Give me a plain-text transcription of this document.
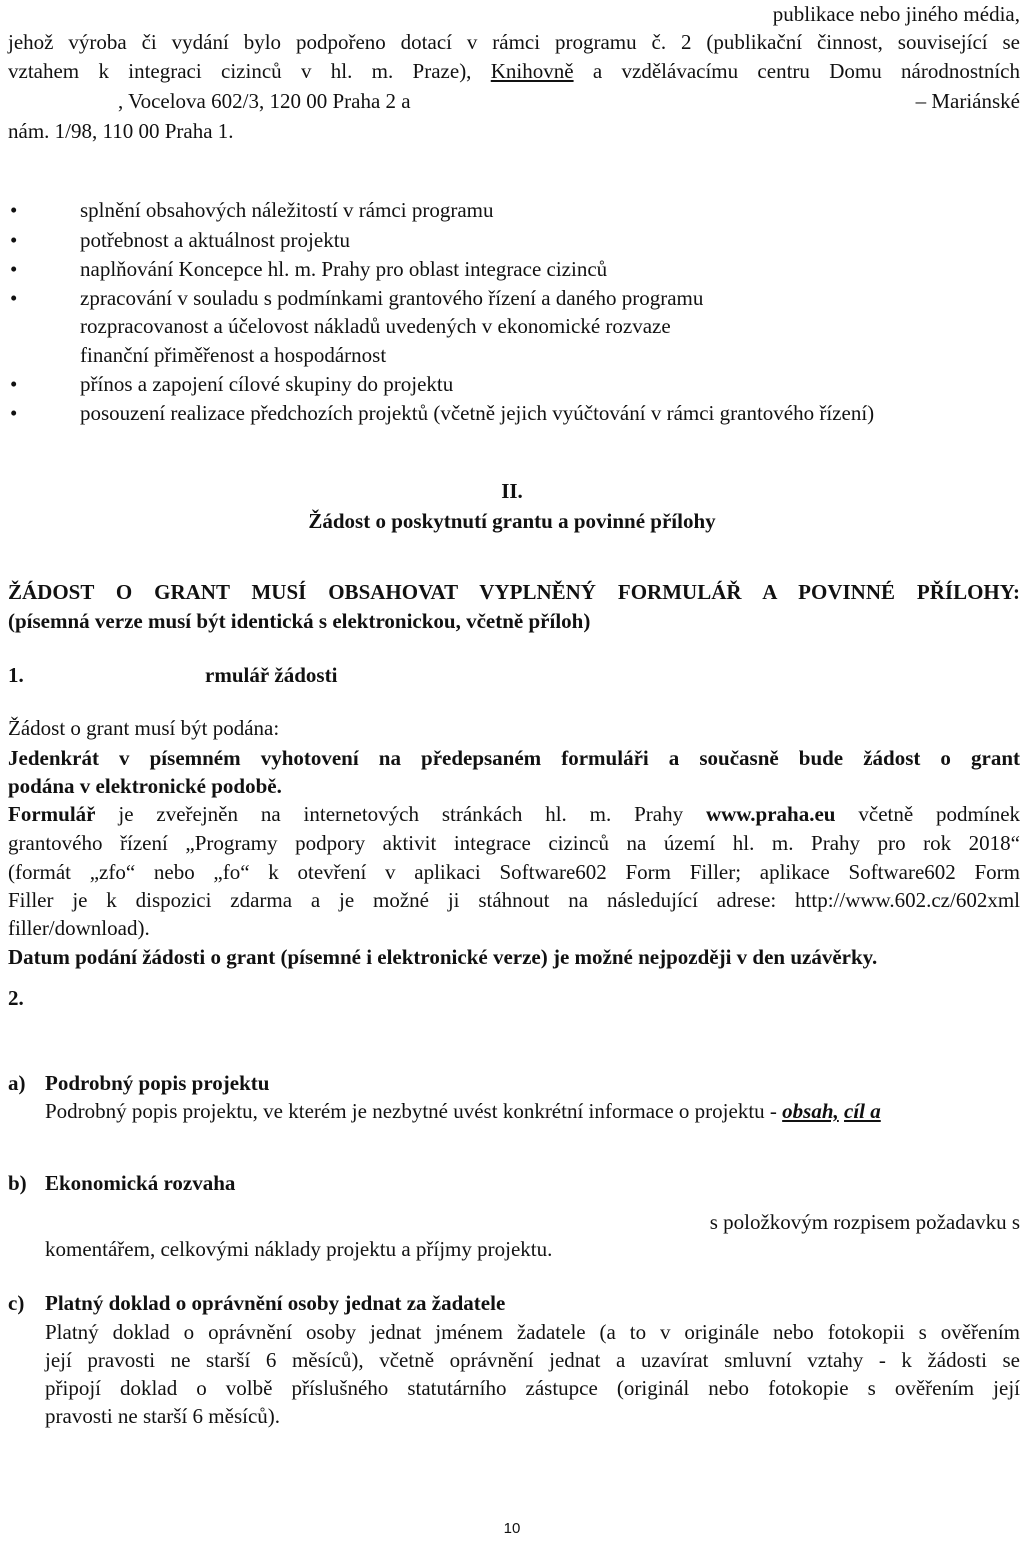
publikace nebo jiného média,
jehož výroba či vydání bylo podpořeno dotací v rámci programu č. 2 (publikační činnost, související se
vztahem k integraci cizinců v hl. m. Praze), Knihovně a vzdělávacímu centru Domu národnostních
, Vocelova 602/3, 120 00 Praha 2 a	– Mariánské
nám. 1/98, 110 00 Praha 1.
•	splnění obsahových náležitostí v rámci programu
•	potřebnost a aktuálnost projektu
•	naplňování Koncepce hl. m. Prahy pro oblast integrace cizinců
•	zpracování v souladu s podmínkami grantového řízení a daného programu
rozpracovanost a účelovost nákladů uvedených v ekonomické rozvaze
finanční přiměřenost a hospodárnost
•	přínos a zapojení cílové skupiny do projektu
•	posouzení realizace předchozích projektů (včetně jejich vyúčtování v rámci grantového řízení)
II.
Žádost o poskytnutí grantu a povinné přílohy
ŽÁDOST O GRANT MUSÍ OBSAHOVAT VYPLNĚNÝ FORMULÁŘ A POVINNÉ PŘÍLOHY:
(písemná verze musí být identická s elektronickou, včetně příloh)
1.	rmulář žádosti
Žádost o grant musí být podána:
Jedenkrát v písemném vyhotovení na předepsaném formuláři a současně bude žádost o grant
podána v elektronické podobě.
Formulář je zveřejněn na internetových stránkách hl. m. Prahy www.praha.eu včetně podmínek
grantového řízení „Programy podpory aktivit integrace cizinců na území hl. m. Prahy pro rok 2018“
(formát „zfo“ nebo „fo“ k otevření v aplikaci Software602 Form Filler; aplikace Software602 Form
Filler je k dispozici zdarma a je možné ji stáhnout na následující adrese: http://www.602.cz/602xml
filler/download).
Datum podání žádosti o grant (písemné i elektronické verze) je možné nejpozději v den uzávěrky.
2.
a) Podrobný popis projektu
Podrobný popis projektu, ve kterém je nezbytné uvést konkrétní informace o projektu - obsah, cíl a
b) Ekonomická rozvaha
s položkovým rozpisem požadavku s
komentářem, celkovými náklady projektu a příjmy projektu.
c) Platný doklad o oprávnění osoby jednat za žadatele
Platný doklad o oprávnění osoby jednat jménem žadatele (a to v originále nebo fotokopii s ověřením
její pravosti ne starší 6 měsíců), včetně oprávnění jednat a uzavírat smluvní vztahy - k žádosti se
připojí doklad o volbě příslušného statutárního zástupce (originál nebo fotokopie s ověřením její
pravosti ne starší 6 měsíců).
10
